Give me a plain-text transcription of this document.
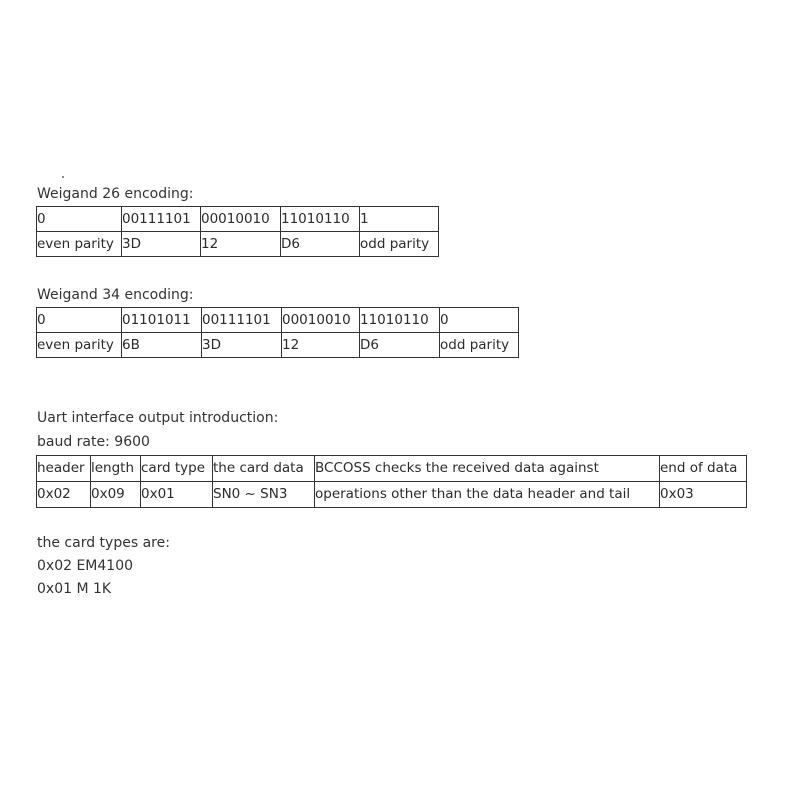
Weigand 26 encoding:
0	00111101	00010010	11010110	1
even parity	3D	12	D6	odd parity
Weigand 34 encoding:
0	01101011	00111101	00010010	11010110	0
even parity	6B	3D	12	D6	odd parity
Uart interface output introduction:
baud rate: 9600
header	length	card type	the card data	BCCOSS checks the received data against	end of data
0x02	0x09	0x01	SN0 ~ SN3	operations other than the data header and tail	0x03
the card types are:
0x02 EM4100
0x01 M 1K
